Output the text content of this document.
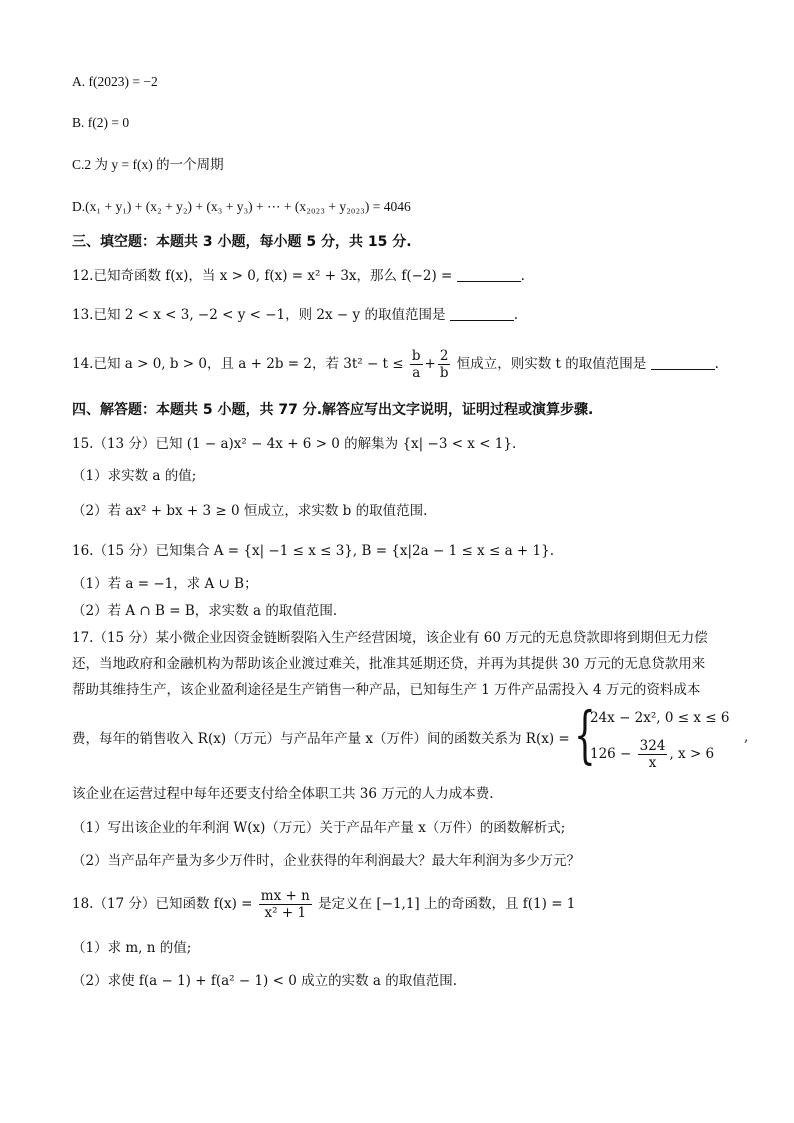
A. f(2023) = −2
B. f(2) = 0
C.2 为 y = f(x) 的一个周期
D.(x₁ + y₁) + (x₂ + y₂) + (x₃ + y₃) + ⋯ + (x₂₀₂₃ + y₂₀₂₃) = 4046
三、填空题：本题共 3 小题，每小题 5 分，共 15 分.
12.已知奇函数 f(x)，当 x > 0, f(x) = x² + 3x，那么 f(−2) =	.
13.已知 2 < x < 3, −2 < y < −1，则 2x − y 的取值范围是	.
14.已知 a > 0, b > 0，且 a + 2b = 2，若 $3t^2 - t \le \frac{b}{a} + \frac{2}{b}$ 恒成立，则实数 t 的取值范围是	.
四、解答题：本题共 5 小题，共 77 分.解答应写出文字说明，证明过程或演算步骤.
15.（13 分）已知 (1 − a)x² − 4x + 6 > 0 的解集为 {x| −3 < x < 1}.
（1）求实数 a 的值;
（2）若 ax² + bx + 3 ≥ 0 恒成立，求实数 b 的取值范围.
16.（15 分）已知集合 A = {x| −1 ≤ x ≤ 3}, B = {x|2a − 1 ≤ x ≤ a + 1}.
（1）若 a = −1，求 A ∪ B；
（2）若 A ∩ B = B，求实数 a 的取值范围.
17.（15 分）某小微企业因资金链断裂陷入生产经营困境，该企业有 60 万元的无息贷款即将到期但无力偿
还，当地政府和金融机构为帮助该企业渡过难关，批准其延期还贷，并再为其提供 30 万元的无息贷款用来
帮助其维持生产，该企业盈利途径是生产销售一种产品，已知每生产 1 万件产品需投入 4 万元的资料成本
费，每年的销售收入 R(x)（万元）与产品年产量 x（万件）间的函数关系为 R(x) = {
24x − 2x², 0 ≤ x ≤ 6
$126 - \frac{324}{x}$ , x > 6
,
该企业在运营过程中每年还要支付给全体职工共 36 万元的人力成本费.
（1）写出该企业的年利润 W(x)（万元）关于产品年产量 x（万件）的函数解析式;
（2）当产品年产量为多少万件时，企业获得的年利润最大？最大年利润为多少万元？
18.（17 分）已知函数 $f(x) = \frac{mx + n}{\text{x² + 1}}$ 是定义在 [−1,1] 上的奇函数，且 f(1) = 1
（1）求 m, n 的值;
（2）求使 f(a − 1) + f(a² − 1) < 0 成立的实数 a 的取值范围.
